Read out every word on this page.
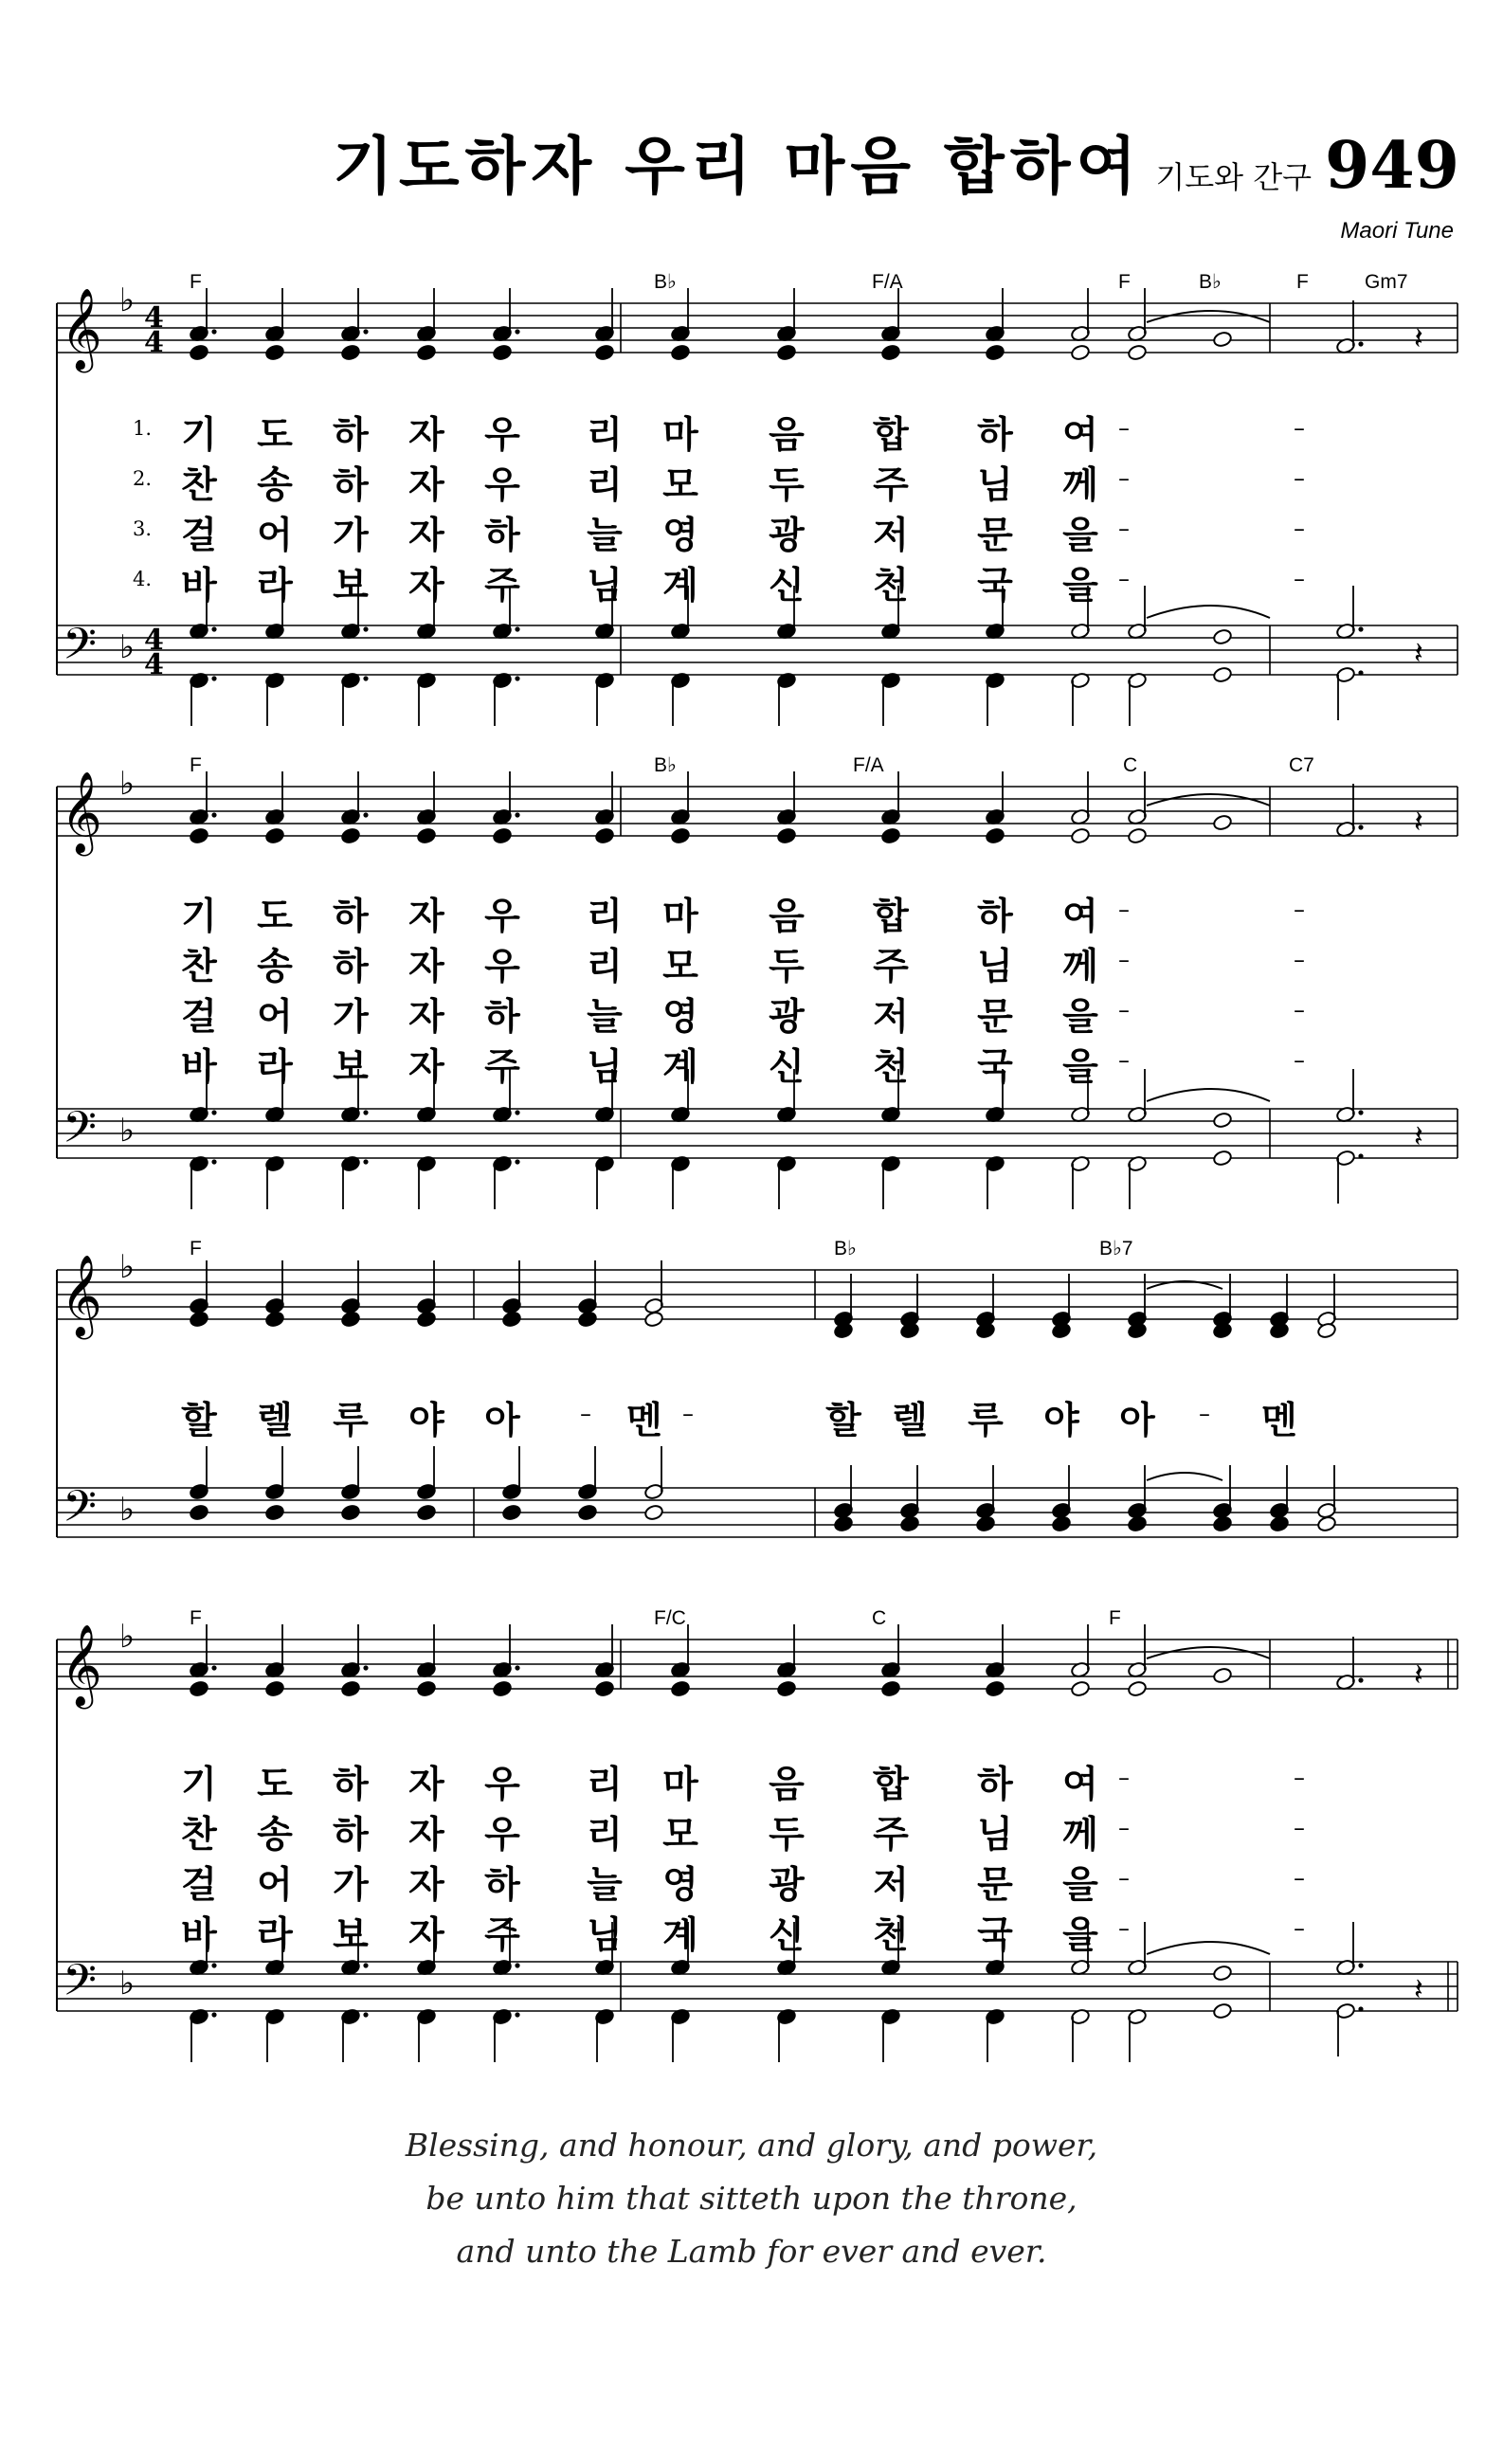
기도하자 우리 마음 합하여 기도와 간구 949
Maori Tune
𝄞
𝄢
♭
♭
4
4
4
4
F	B♭	F/A	F	B♭	F	Gm7
𝄽
𝄽
𝄞
𝄢
♭
♭
F	B♭	F/A	C	C7
𝄽
𝄽
𝄞
𝄢
♭
♭
F	B♭	B♭7
𝄞
𝄢
♭
♭
F	F/C	C	F
𝄽
𝄽
1. 기 도 하 자 우 리 마 음 합 하 여 –	–
2. 찬 송 하 자 우 리 모 두 주 님 께 –	–
3. 걸 어 가 자 하 늘 영 광 저 문 을 –	–
4. 바 라 보 자 주 님 계 신 천 국 을 –	–
기 도 하 자 우 리 마 음 합 하 여 –	–
찬 송 하 자 우 리 모 두 주 님 께 –	–
걸 어 가 자 하 늘 영 광 저 문 을 –	–
바 라 보 자 주 님 계 신 천 국 을 –	–
할 렐 루 야 아	멘	할 렐 루 야 아	멘
–	–	–
기 도 하 자 우 리 마 음 합 하 여 –	–
찬 송 하 자 우 리 모 두 주 님 께 –	–
걸 어 가 자 하 늘 영 광 저 문 을 –	–
바 라 보 자 주 님 계 신 천 국 을 –	–
Blessing, and honour, and glory, and power,
be unto him that sitteth upon the throne,
and unto the Lamb for ever and ever.
